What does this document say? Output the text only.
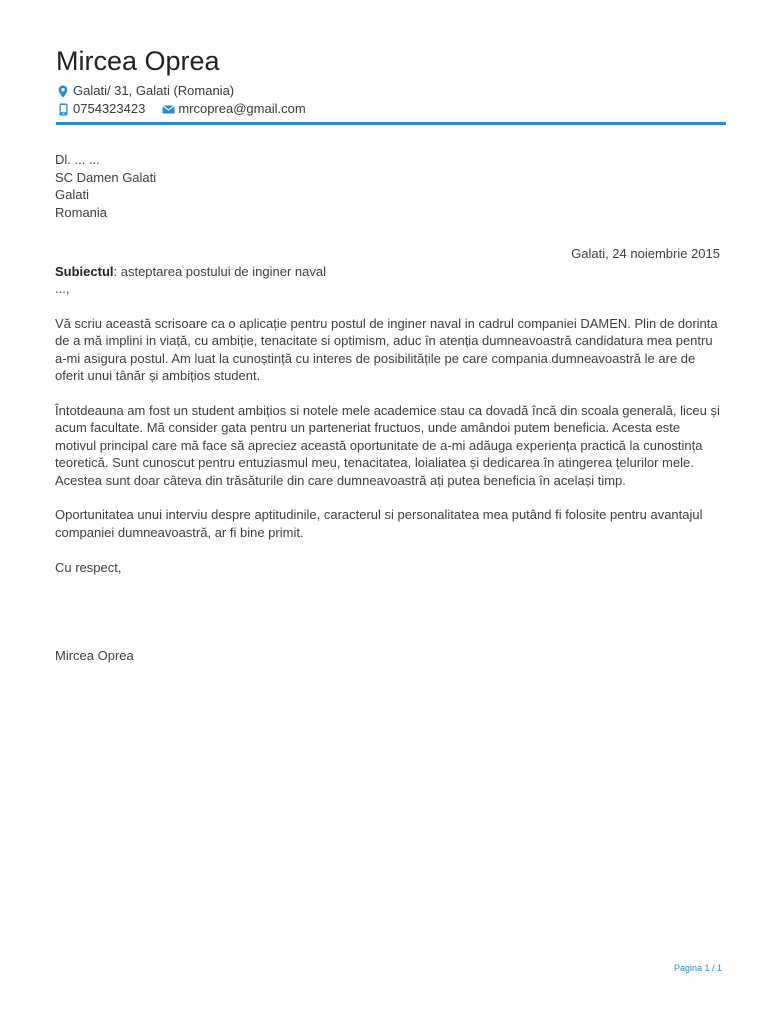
Mircea Oprea
Galati/ 31, Galati (Romania)
0754323423	mrcoprea@gmail.com
Dl. ... ...
SC Damen Galati
Galati
Romania
Galati, 24 noiembrie 2015

Subiectul: asteptarea postului de inginer naval

...,

Vă scriu această scrisoare ca o aplicație pentru postul de inginer naval in cadrul companiei DAMEN. Plin de dorinta de a mă implini in viață, cu ambiție, tenacitate si optimism, aduc în atenția dumneavoastră candidatura mea pentru a-mi asigura postul. Am luat la cunoștință cu interes de posibilitățile pe care compania dumneavoastră le are de oferit unui tânăr și ambițios student.

Întotdeauna am fost un student ambițios si notele mele academice stau ca dovadă încă din scoala generală, liceu și acum facultate. Mă consider gata pentru un parteneriat fructuos, unde amândoi putem beneficia. Acesta este motivul principal care mă face să apreciez această oportunitate de a-mi adăuga experiența practică la cunostința teoretică. Sunt cunoscut pentru entuziasmul meu, tenacitatea, loialiatea și dedicarea în atingerea țelurilor mele. Acestea sunt doar câteva din trăsăturile din care dumneavoastră ați putea beneficia în același timp.

Oportunitatea unui interviu despre aptitudinile, caracterul si personalitatea mea putând fi folosite pentru avantajul companiei dumneavoastră, ar fi bine primit.

Cu respect,

Mircea Oprea

Pagina 1 / 1
